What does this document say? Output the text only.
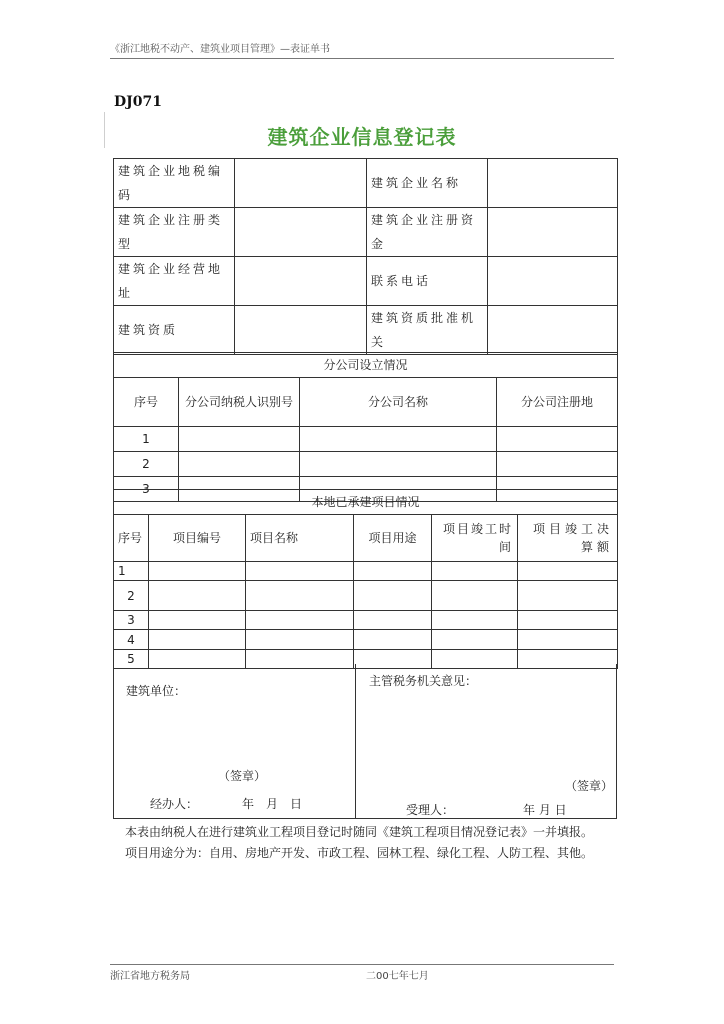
《浙江地税不动产、建筑业项目管理》—表证单书
DJ071
建筑企业信息登记表
建筑企业地税编码		建筑企业名称	
建筑企业注册类型		建筑企业注册资金	
建筑企业经营地址		联系电话	
建筑资质		建筑资质批准机关	
分公司设立情况			
序号	分公司纳税人识别号	分公司名称	分公司注册地
1			
2			
3			
本地已承建项目情况					
序号	项目编号	项目名称	项目用途	项目竣工时间	项目竣工决算额
1					
2					
3					
4					
5					
建筑单位：
（签章）
经办人：	年　月　日
主管税务机关意见：
（签章）
受理人：	年 月 日
本表由纳税人在进行建筑业工程项目登记时随同《建筑工程项目情况登记表》一并填报。
项目用途分为：自用、房地产开发、市政工程、园林工程、绿化工程、人防工程、其他。
浙江省地方税务局	二00七年七月
